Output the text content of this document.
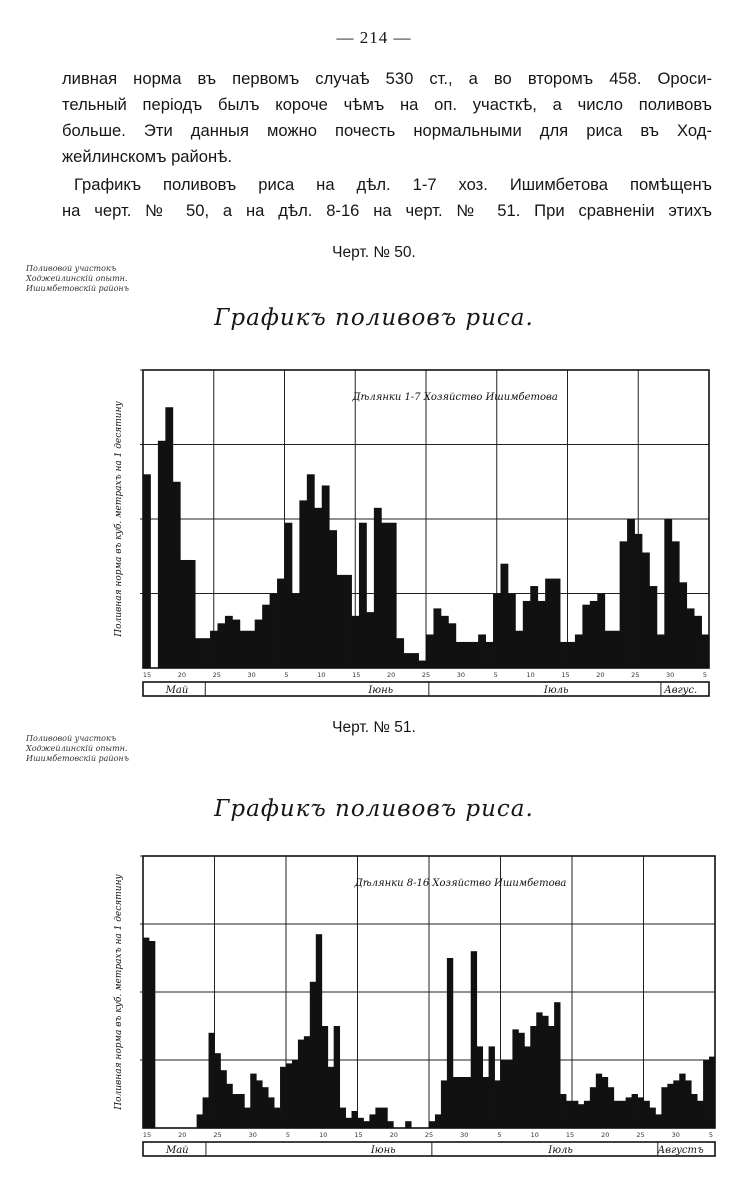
— 214 —

ливная норма въ первомъ случаѣ 530 ст., а во второмъ 458. Ороси-
тельный періодъ былъ короче чѣмъ на оп. участкѣ, а число поливовъ
больше. Эти данныя можно почесть нормальными для риса въ Ход-
жейлинскомъ районѣ.

Графикъ поливовъ риса на дѣл. 1-7 хоз. Ишимбетова помѣщенъ
на черт. № 50, а на дѣл. 8-16 на черт. № 51. При сравненіи этихъ

Поливовой участокъ
Ходжейлинскій опытн.
Ишимбетовскій районъ
Черт. № 50.
Графикъ поливовъ риса.
Дѣлянки 1-7 Хозяйство Ишимбетова
Поливная норма въ куб. метрахъ на 1 десятину
15	20	25	30	5	10	15	20	25	30	5	10	15	20	25	30	5
Май	Іюнь	Іюль	Авгус.
Поливовой участокъ
Ходжейлинскій опытн.
Ишимбетовскій районъ
Черт. № 51.
Графикъ поливовъ риса.
Дѣлянки 8-16 Хозяйство Ишимбетова
Поливная норма въ куб. метрахъ на 1 десятину
15	20	25	30	5	10	15	20	25	30	5	10	15	20	25	30	5
Май	Іюнь	Іюль	Августъ
